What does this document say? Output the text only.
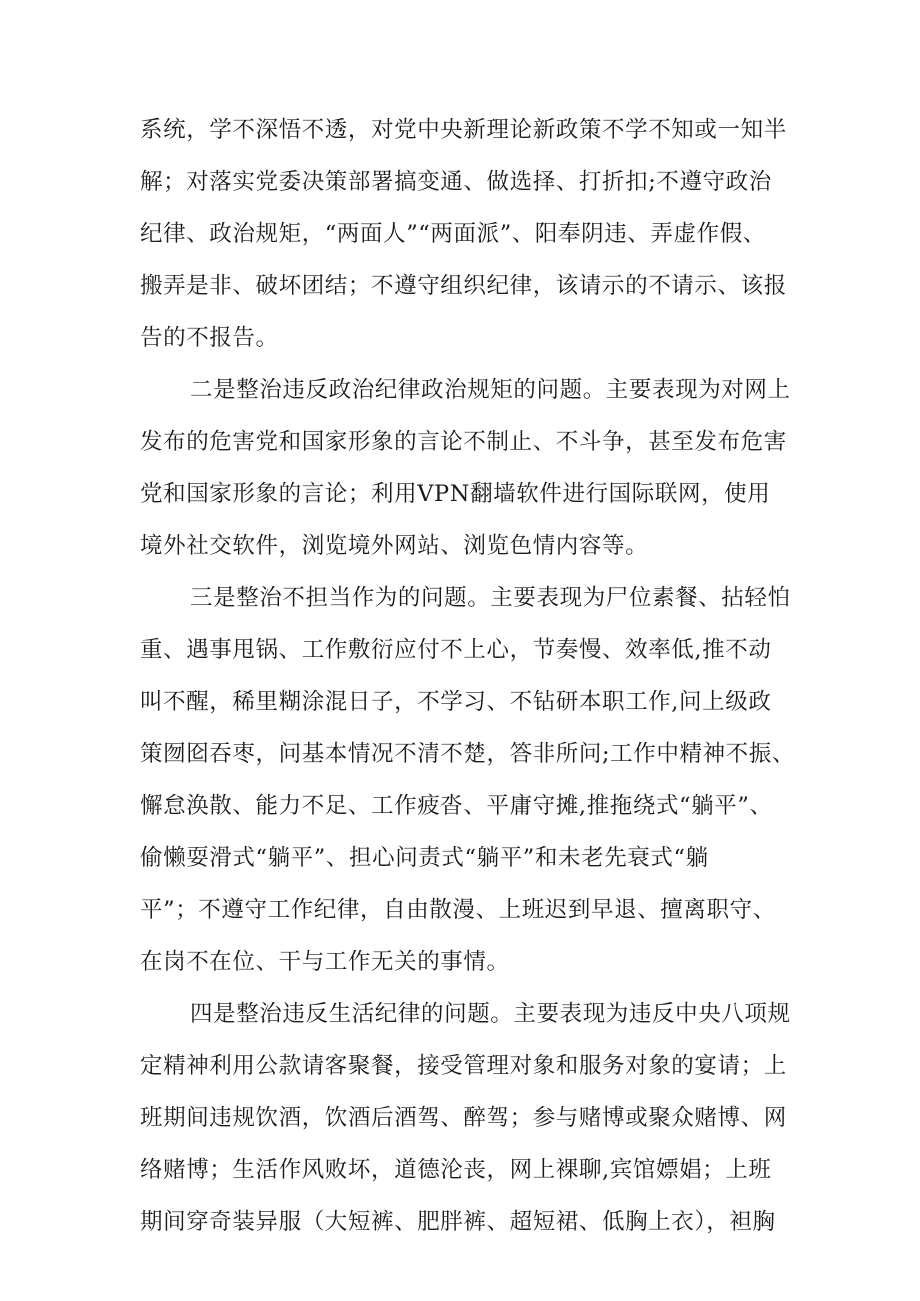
系统，学不深悟不透，对党中央新理论新政策不学不知或一知半
解；对落实党委决策部署搞变通、做选择、打折扣;不遵守政治
纪律、政治规矩，“两面人”“两面派”、阳奉阴违、弄虚作假、
搬弄是非、破坏团结；不遵守组织纪律，该请示的不请示、该报
告的不报告。
二是整治违反政治纪律政治规矩的问题。主要表现为对网上
发布的危害党和国家形象的言论不制止、不斗争，甚至发布危害
党和国家形象的言论；利用VPN翻墙软件进行国际联网，使用
境外社交软件，浏览境外网站、浏览色情内容等。
三是整治不担当作为的问题。主要表现为尸位素餐、拈轻怕
重、遇事甩锅、工作敷衍应付不上心，节奏慢、效率低,推不动
叫不醒，稀里糊涂混日子，不学习、不钻研本职工作,问上级政
策囫囵吞枣，问基本情况不清不楚，答非所问;工作中精神不振、
懈怠涣散、能力不足、工作疲沓、平庸守摊,推拖绕式“躺平”、
偷懒耍滑式“躺平”、担心问责式“躺平”和未老先衰式“躺
平”；不遵守工作纪律，自由散漫、上班迟到早退、擅离职守、
在岗不在位、干与工作无关的事情。
四是整治违反生活纪律的问题。主要表现为违反中央八项规
定精神利用公款请客聚餐，接受管理对象和服务对象的宴请；上
班期间违规饮酒，饮酒后酒驾、醉驾；参与赌博或聚众赌博、网
络赌博；生活作风败坏，道德沦丧，网上裸聊,宾馆嫖娼；上班
期间穿奇装异服（大短裤、肥胖裤、超短裙、低胸上衣），袒胸
